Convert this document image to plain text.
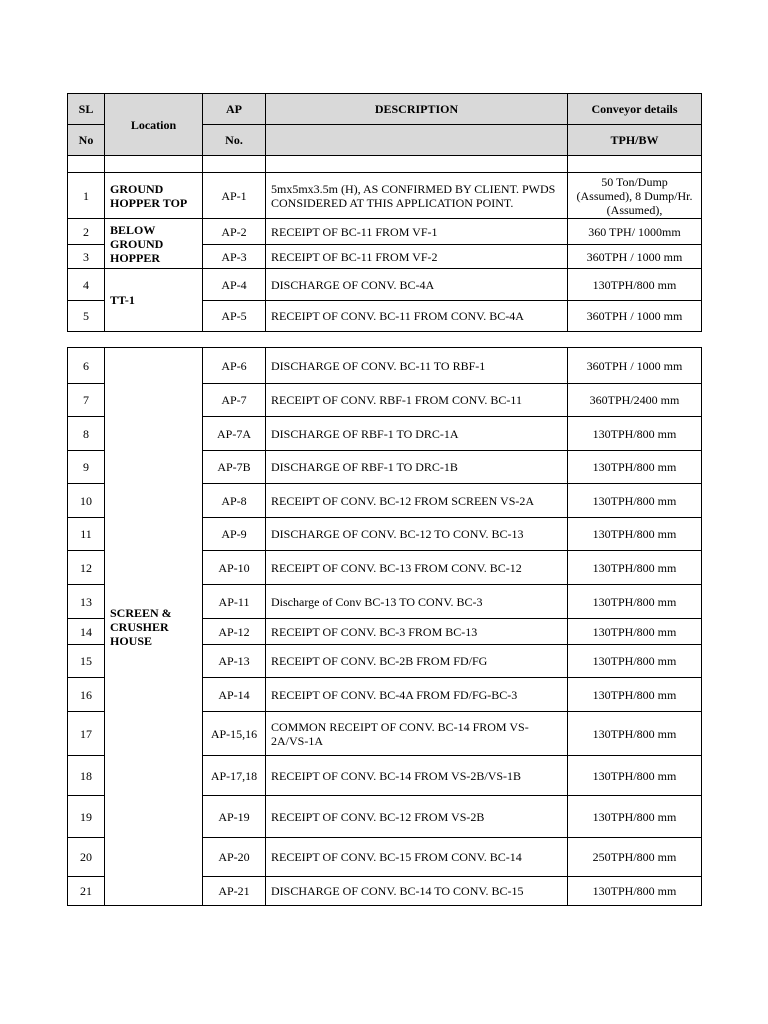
SL	Location	AP	DESCRIPTION	Conveyor details
No		No.		TPH/BW

1	GROUND HOPPER TOP	AP-1	5mx5mx3.5m (H), AS CONFIRMED BY CLIENT. PWDS CONSIDERED AT THIS APPLICATION POINT.	50 Ton/Dump (Assumed), 8 Dump/Hr. (Assumed),
2	BELOW GROUND HOPPER	AP-2	RECEIPT OF BC-11 FROM VF-1	360 TPH/ 1000mm
3		AP-3	RECEIPT OF BC-11 FROM VF-2	360TPH / 1000 mm
4	TT-1	AP-4	DISCHARGE OF CONV. BC-4A	130TPH/800 mm
5		AP-5	RECEIPT OF CONV. BC-11 FROM CONV. BC-4A	360TPH / 1000 mm
6	SCREEN & CRUSHER HOUSE	AP-6	DISCHARGE OF CONV. BC-11 TO RBF-1	360TPH / 1000 mm
7		AP-7	RECEIPT OF CONV. RBF-1 FROM CONV. BC-11	360TPH/2400 mm
8		AP-7A	DISCHARGE OF RBF-1 TO DRC-1A	130TPH/800 mm
9		AP-7B	DISCHARGE OF RBF-1 TO DRC-1B	130TPH/800 mm
10		AP-8	RECEIPT OF CONV. BC-12 FROM SCREEN VS-2A	130TPH/800 mm
11		AP-9	DISCHARGE OF CONV. BC-12 TO CONV. BC-13	130TPH/800 mm
12		AP-10	RECEIPT OF CONV. BC-13 FROM CONV. BC-12	130TPH/800 mm
13		AP-11	Discharge of Conv BC-13 TO CONV. BC-3	130TPH/800 mm
14		AP-12	RECEIPT OF CONV. BC-3 FROM BC-13	130TPH/800 mm
15		AP-13	RECEIPT OF CONV. BC-2B FROM FD/FG	130TPH/800 mm
16		AP-14	RECEIPT OF CONV. BC-4A FROM FD/FG-BC-3	130TPH/800 mm
17		AP-15,16	COMMON RECEIPT OF CONV. BC-14 FROM VS-2A/VS-1A	130TPH/800 mm
18		AP-17,18	RECEIPT OF CONV. BC-14 FROM VS-2B/VS-1B	130TPH/800 mm
19		AP-19	RECEIPT OF CONV. BC-12 FROM VS-2B	130TPH/800 mm
20		AP-20	RECEIPT OF CONV. BC-15 FROM CONV. BC-14	250TPH/800 mm
21		AP-21	DISCHARGE OF CONV. BC-14 TO CONV. BC-15	130TPH/800 mm
